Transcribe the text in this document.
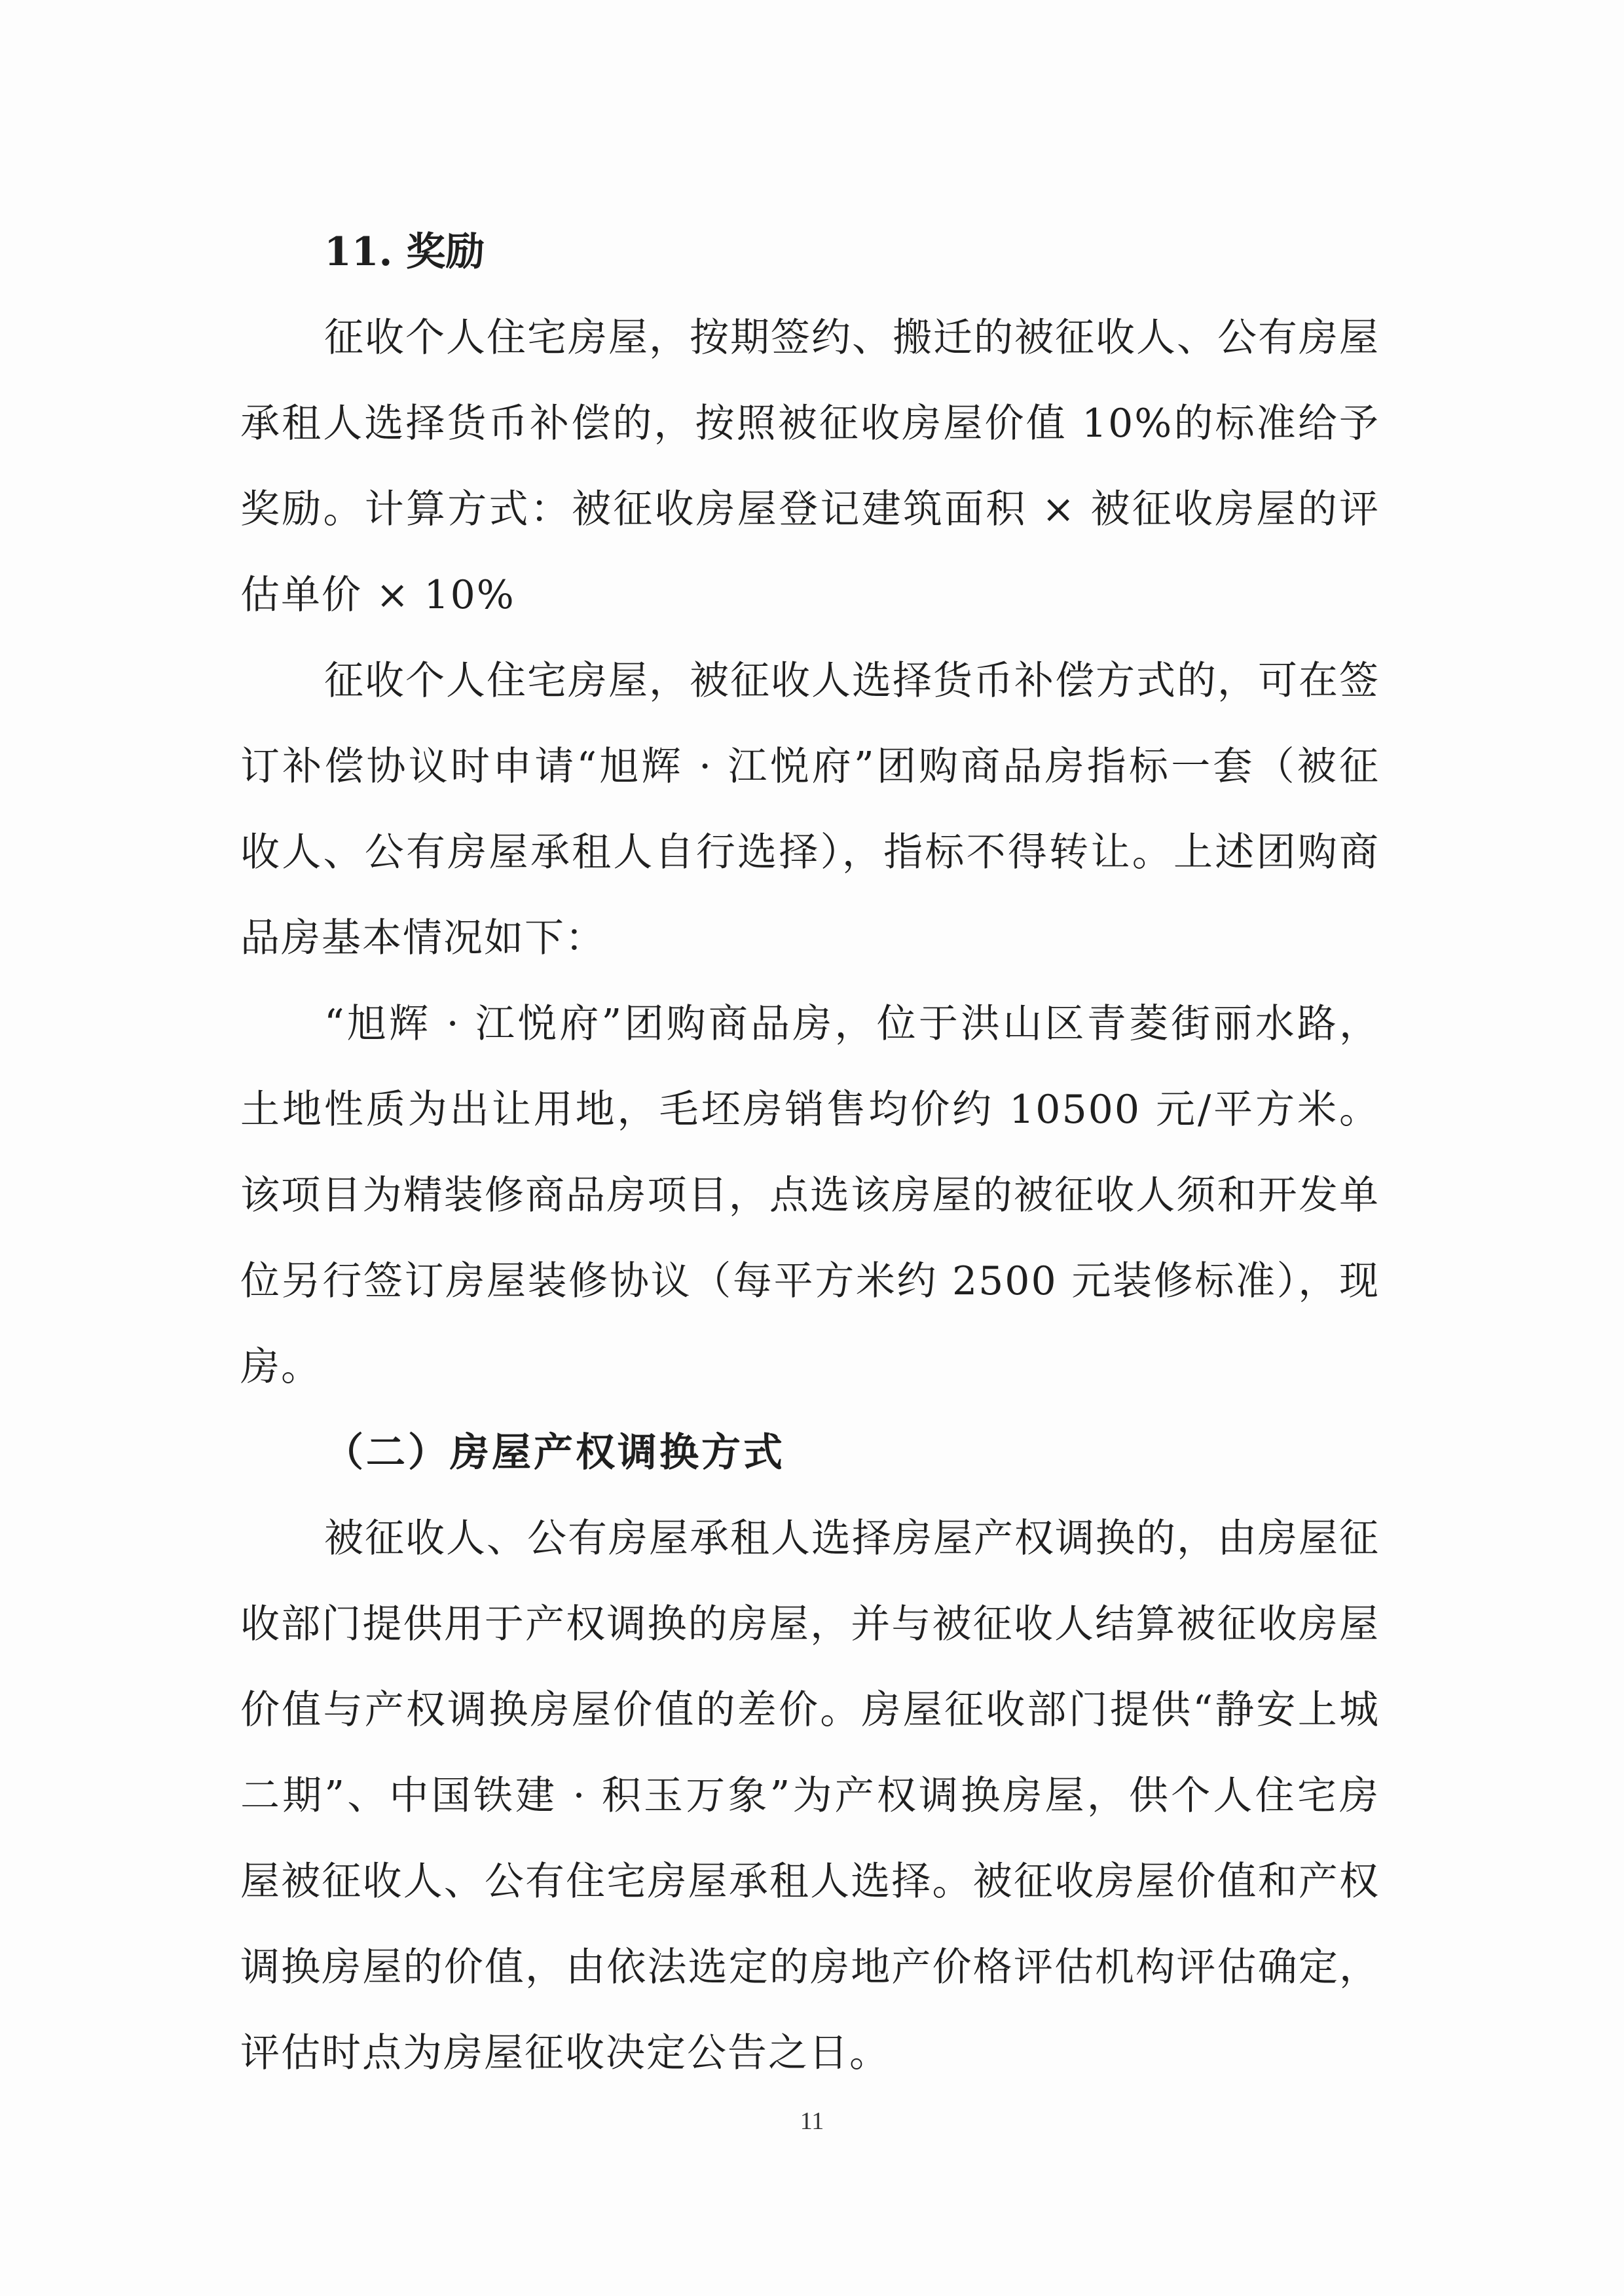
11. 奖励

征收个人住宅房屋，按期签约、搬迁的被征收人、公有房屋承租人选择货币补偿的，按照被征收房屋价值 10%的标准给予奖励。计算方式：被征收房屋登记建筑面积 × 被征收房屋的评估单价 × 10%

征收个人住宅房屋，被征收人选择货币补偿方式的，可在签订补偿协议时申请“旭辉 · 江悦府”团购商品房指标一套（被征收人、公有房屋承租人自行选择），指标不得转让。上述团购商品房基本情况如下：

“旭辉 · 江悦府”团购商品房，位于洪山区青菱街丽水路，土地性质为出让用地，毛坯房销售均价约 10500 元/平方米。该项目为精装修商品房项目，点选该房屋的被征收人须和开发单位另行签订房屋装修协议（每平方米约 2500 元装修标准），现房。

（二）房屋产权调换方式

被征收人、公有房屋承租人选择房屋产权调换的，由房屋征收部门提供用于产权调换的房屋，并与被征收人结算被征收房屋价值与产权调换房屋价值的差价。房屋征收部门提供“静安上城二期”、中国铁建 · 积玉万象”为产权调换房屋，供个人住宅房屋被征收人、公有住宅房屋承租人选择。被征收房屋价值和产权调换房屋的价值，由依法选定的房地产价格评估机构评估确定，评估时点为房屋征收决定公告之日。

11
